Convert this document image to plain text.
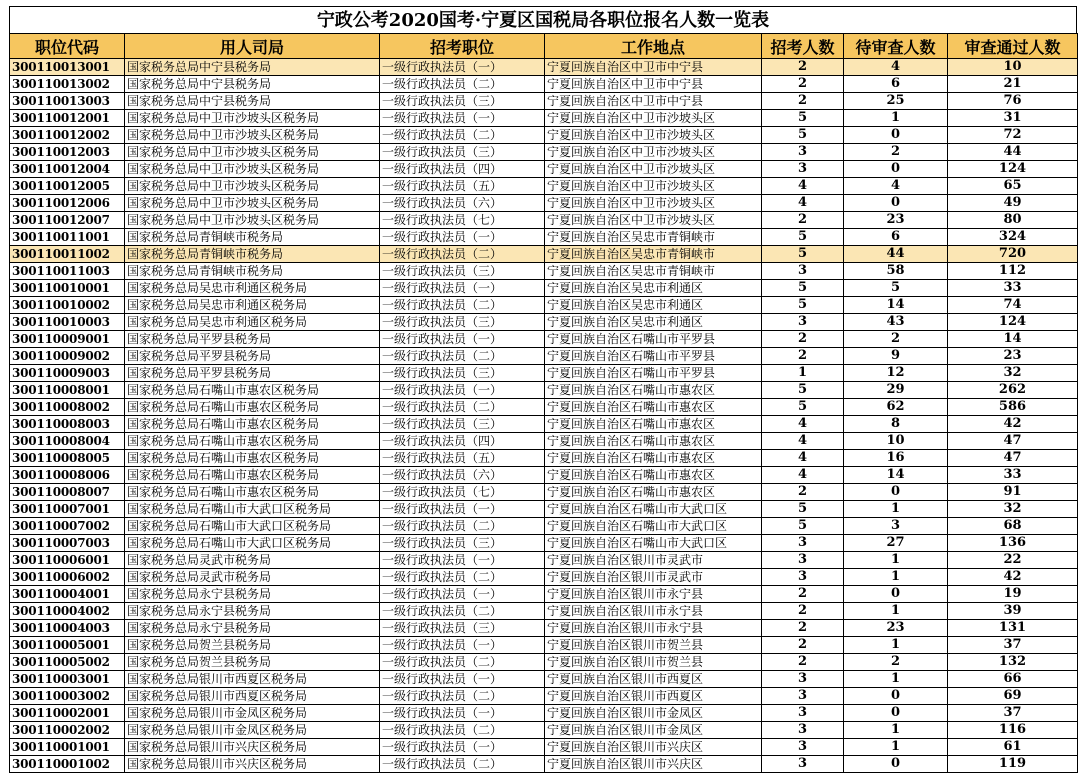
宁政公考2020国考·宁夏区国税局各职位报名人数一览表
职位代码	用人司局	招考职位	工作地点	招考人数	待审查人数	审查通过人数
300110013001	国家税务总局中宁县税务局	一级行政执法员（一）	宁夏回族自治区中卫市中宁县	2	4	10
300110013002	国家税务总局中宁县税务局	一级行政执法员（二）	宁夏回族自治区中卫市中宁县	2	6	21
300110013003	国家税务总局中宁县税务局	一级行政执法员（三）	宁夏回族自治区中卫市中宁县	2	25	76
300110012001	国家税务总局中卫市沙坡头区税务局	一级行政执法员（一）	宁夏回族自治区中卫市沙坡头区	5	1	31
300110012002	国家税务总局中卫市沙坡头区税务局	一级行政执法员（二）	宁夏回族自治区中卫市沙坡头区	5	0	72
300110012003	国家税务总局中卫市沙坡头区税务局	一级行政执法员（三）	宁夏回族自治区中卫市沙坡头区	3	2	44
300110012004	国家税务总局中卫市沙坡头区税务局	一级行政执法员（四）	宁夏回族自治区中卫市沙坡头区	3	0	124
300110012005	国家税务总局中卫市沙坡头区税务局	一级行政执法员（五）	宁夏回族自治区中卫市沙坡头区	4	4	65
300110012006	国家税务总局中卫市沙坡头区税务局	一级行政执法员（六）	宁夏回族自治区中卫市沙坡头区	4	0	49
300110012007	国家税务总局中卫市沙坡头区税务局	一级行政执法员（七）	宁夏回族自治区中卫市沙坡头区	2	23	80
300110011001	国家税务总局青铜峡市税务局	一级行政执法员（一）	宁夏回族自治区吴忠市青铜峡市	5	6	324
300110011002	国家税务总局青铜峡市税务局	一级行政执法员（二）	宁夏回族自治区吴忠市青铜峡市	5	44	720
300110011003	国家税务总局青铜峡市税务局	一级行政执法员（三）	宁夏回族自治区吴忠市青铜峡市	3	58	112
300110010001	国家税务总局吴忠市利通区税务局	一级行政执法员（一）	宁夏回族自治区吴忠市利通区	5	5	33
300110010002	国家税务总局吴忠市利通区税务局	一级行政执法员（二）	宁夏回族自治区吴忠市利通区	5	14	74
300110010003	国家税务总局吴忠市利通区税务局	一级行政执法员（三）	宁夏回族自治区吴忠市利通区	3	43	124
300110009001	国家税务总局平罗县税务局	一级行政执法员（一）	宁夏回族自治区石嘴山市平罗县	2	2	14
300110009002	国家税务总局平罗县税务局	一级行政执法员（二）	宁夏回族自治区石嘴山市平罗县	2	9	23
300110009003	国家税务总局平罗县税务局	一级行政执法员（三）	宁夏回族自治区石嘴山市平罗县	1	12	32
300110008001	国家税务总局石嘴山市惠农区税务局	一级行政执法员（一）	宁夏回族自治区石嘴山市惠农区	5	29	262
300110008002	国家税务总局石嘴山市惠农区税务局	一级行政执法员（二）	宁夏回族自治区石嘴山市惠农区	5	62	586
300110008003	国家税务总局石嘴山市惠农区税务局	一级行政执法员（三）	宁夏回族自治区石嘴山市惠农区	4	8	42
300110008004	国家税务总局石嘴山市惠农区税务局	一级行政执法员（四）	宁夏回族自治区石嘴山市惠农区	4	10	47
300110008005	国家税务总局石嘴山市惠农区税务局	一级行政执法员（五）	宁夏回族自治区石嘴山市惠农区	4	16	47
300110008006	国家税务总局石嘴山市惠农区税务局	一级行政执法员（六）	宁夏回族自治区石嘴山市惠农区	4	14	33
300110008007	国家税务总局石嘴山市惠农区税务局	一级行政执法员（七）	宁夏回族自治区石嘴山市惠农区	2	0	91
300110007001	国家税务总局石嘴山市大武口区税务局	一级行政执法员（一）	宁夏回族自治区石嘴山市大武口区	5	1	32
300110007002	国家税务总局石嘴山市大武口区税务局	一级行政执法员（二）	宁夏回族自治区石嘴山市大武口区	5	3	68
300110007003	国家税务总局石嘴山市大武口区税务局	一级行政执法员（三）	宁夏回族自治区石嘴山市大武口区	3	27	136
300110006001	国家税务总局灵武市税务局	一级行政执法员（一）	宁夏回族自治区银川市灵武市	3	1	22
300110006002	国家税务总局灵武市税务局	一级行政执法员（二）	宁夏回族自治区银川市灵武市	3	1	42
300110004001	国家税务总局永宁县税务局	一级行政执法员（一）	宁夏回族自治区银川市永宁县	2	0	19
300110004002	国家税务总局永宁县税务局	一级行政执法员（二）	宁夏回族自治区银川市永宁县	2	1	39
300110004003	国家税务总局永宁县税务局	一级行政执法员（三）	宁夏回族自治区银川市永宁县	2	23	131
300110005001	国家税务总局贺兰县税务局	一级行政执法员（一）	宁夏回族自治区银川市贺兰县	2	1	37
300110005002	国家税务总局贺兰县税务局	一级行政执法员（二）	宁夏回族自治区银川市贺兰县	2	2	132
300110003001	国家税务总局银川市西夏区税务局	一级行政执法员（一）	宁夏回族自治区银川市西夏区	3	1	66
300110003002	国家税务总局银川市西夏区税务局	一级行政执法员（二）	宁夏回族自治区银川市西夏区	3	0	69
300110002001	国家税务总局银川市金凤区税务局	一级行政执法员（一）	宁夏回族自治区银川市金凤区	3	0	37
300110002002	国家税务总局银川市金凤区税务局	一级行政执法员（二）	宁夏回族自治区银川市金凤区	3	1	116
300110001001	国家税务总局银川市兴庆区税务局	一级行政执法员（一）	宁夏回族自治区银川市兴庆区	3	1	61
300110001002	国家税务总局银川市兴庆区税务局	一级行政执法员（二）	宁夏回族自治区银川市兴庆区	3	0	119
